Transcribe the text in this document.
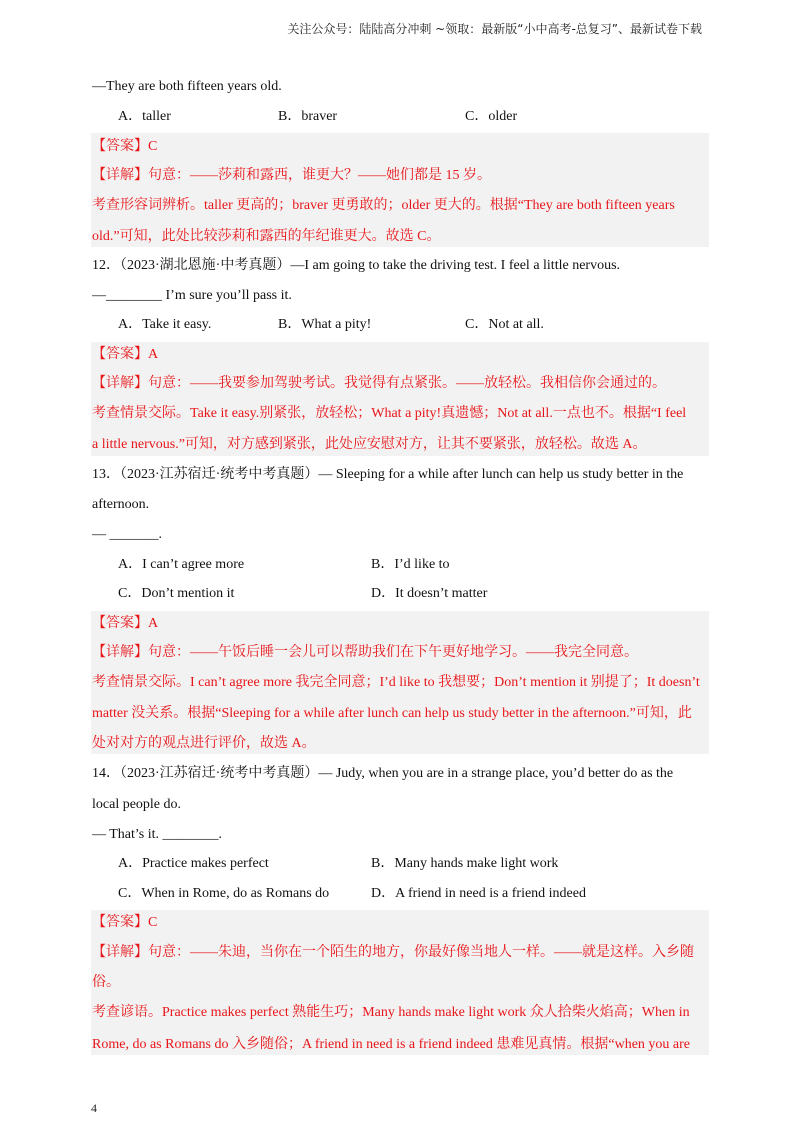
关注公众号：陆陆高分冲刺 ~领取：最新版“小中高考-总复习”、最新试卷下载
—They are both fifteen years old.
A．taller	B．braver	C．older
【答案】C
【详解】句意：——莎莉和露西，谁更大？——她们都是 15 岁。
考查形容词辨析。taller 更高的；braver 更勇敢的；older 更大的。根据“They are both fifteen years
old.”可知，此处比较莎莉和露西的年纪谁更大。故选 C。
12．（2023·湖北恩施·中考真题）—I am going to take the driving test. I feel a little nervous.
—________ I’m sure you’ll pass it.
A．Take it easy.	B．What a pity!	C．Not at all.
【答案】A
【详解】句意：——我要参加驾驶考试。我觉得有点紧张。——放轻松。我相信你会通过的。
考查情景交际。Take it easy.别紧张，放轻松；What a pity!真遗憾；Not at all.一点也不。根据“I feel
a little nervous.”可知，对方感到紧张，此处应安慰对方，让其不要紧张，放轻松。故选 A。
13．（2023·江苏宿迁·统考中考真题）— Sleeping for a while after lunch can help us study better in the
afternoon.
— _______.
A．I can’t agree more	B．I’d like to
C．Don’t mention it	D．It doesn’t matter
【答案】A
【详解】句意：——午饭后睡一会儿可以帮助我们在下午更好地学习。——我完全同意。
考查情景交际。I can’t agree more 我完全同意；I’d like to 我想要；Don’t mention it 别提了；It doesn’t
matter 没关系。根据“Sleeping for a while after lunch can help us study better in the afternoon.”可知，此
处对对方的观点进行评价，故选 A。
14．（2023·江苏宿迁·统考中考真题）— Judy, when you are in a strange place, you’d better do as the
local people do.
— That’s it. ________.
A．Practice makes perfect	B．Many hands make light work
C．When in Rome, do as Romans do	D．A friend in need is a friend indeed
【答案】C
【详解】句意：——朱迪，当你在一个陌生的地方，你最好像当地人一样。——就是这样。入乡随
俗。
考查谚语。Practice makes perfect 熟能生巧；Many hands make light work 众人拾柴火焰高；When in
Rome, do as Romans do 入乡随俗；A friend in need is a friend indeed 患难见真情。根据“when you are
4
